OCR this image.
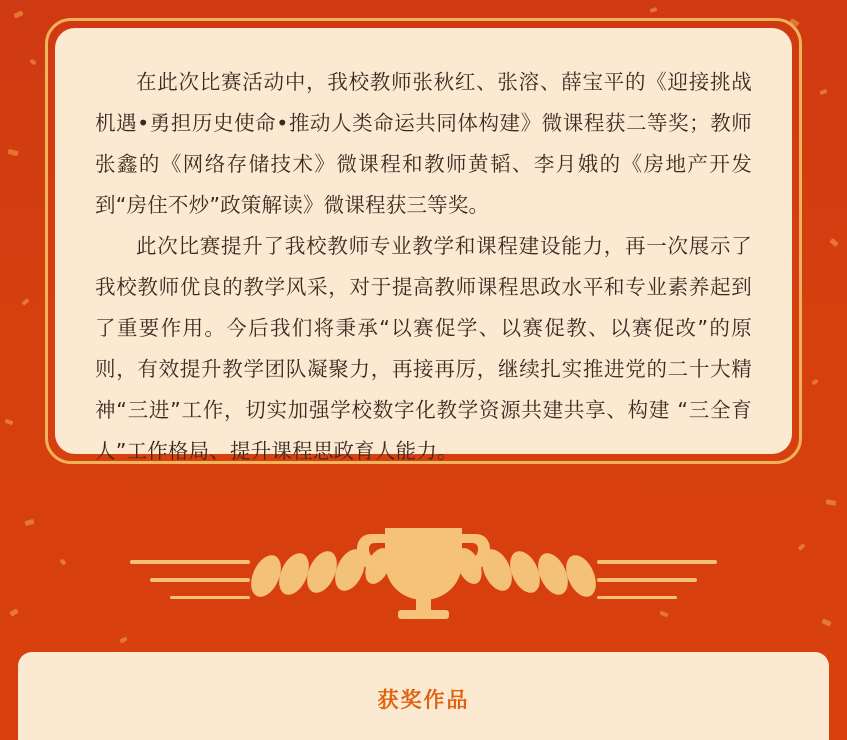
在此次比赛活动中，我校教师张秋红、张溶、薛宝平的《迎接挑战机遇•勇担历史使命•推动人类命运共同体构建》微课程获二等奖；教师张鑫的《网络存储技术》微课程和教师黄韬、李月娥的《房地产开发到“房住不炒”政策解读》微课程获三等奖。

此次比赛提升了我校教师专业教学和课程建设能力，再一次展示了我校教师优良的教学风采，对于提高教师课程思政水平和专业素养起到了重要作用。今后我们将秉承“以赛促学、以赛促教、以赛促改”的原则，有效提升教学团队凝聚力，再接再厉，继续扎实推进党的二十大精 神“三进”工作，切实加强学校数字化教学资源共建共享、构建 “三全育人”工作格局、提升课程思政育人能力。

获奖作品
